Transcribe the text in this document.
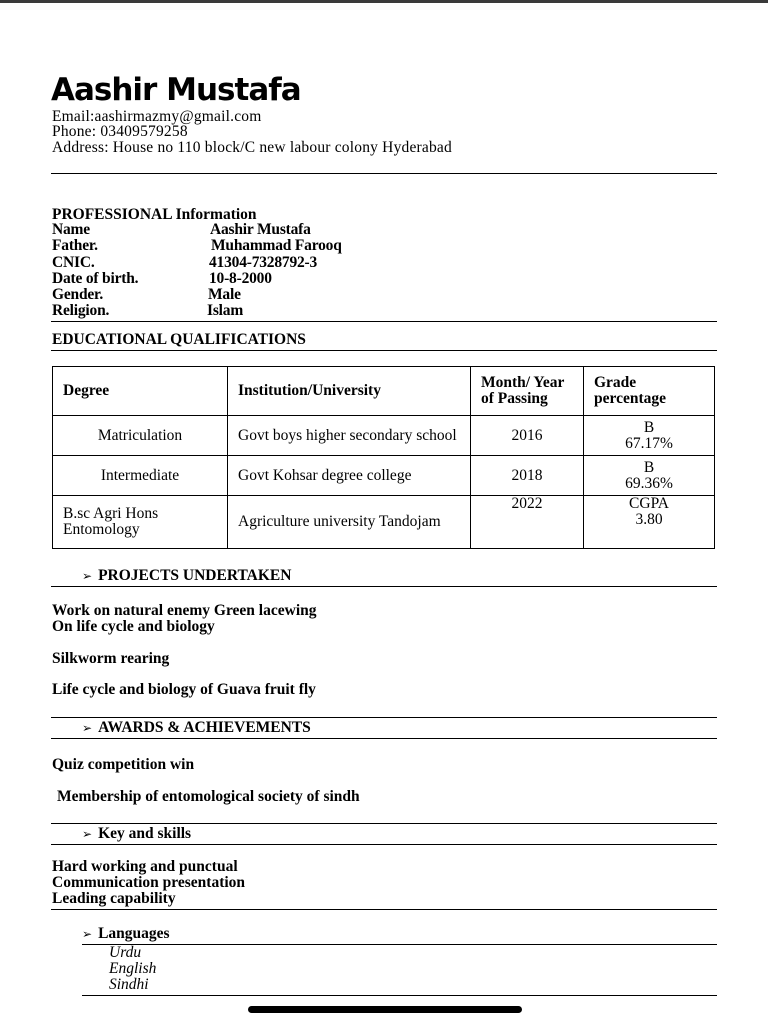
Aashir Mustafa
Email:aashirmazmy@gmail.com
Phone: 03409579258
Address: House no 110 block/C new labour colony Hyderabad
PROFESSIONAL Information
Name	Aashir Mustafa
Father.	Muhammad Farooq
CNIC.	41304-7328792-3
Date of birth.	10-8-2000
Gender.	Male
Religion.	Islam
EDUCATIONAL QUALIFICATIONS
Degree	Institution/University	Month/ Year of Passing	Grade percentage
Matriculation	Govt boys higher secondary school	2016	B
67.17%

Intermediate	Govt Kohsar degree college	2018	B
69.36%

B.sc Agri Hons Entomology	Agriculture university Tandojam	2022	CGPA
3.80
➢ PROJECTS UNDERTAKEN
Work on natural enemy Green lacewing
On life cycle and biology
Silkworm rearing
Life cycle and biology of Guava fruit fly
➢ AWARDS & ACHIEVEMENTS
Quiz competition win
Membership of entomological society of sindh
➢ Key and skills
Hard working and punctual
Communication presentation
Leading capability
➢ Languages
Urdu
English
Sindhi
